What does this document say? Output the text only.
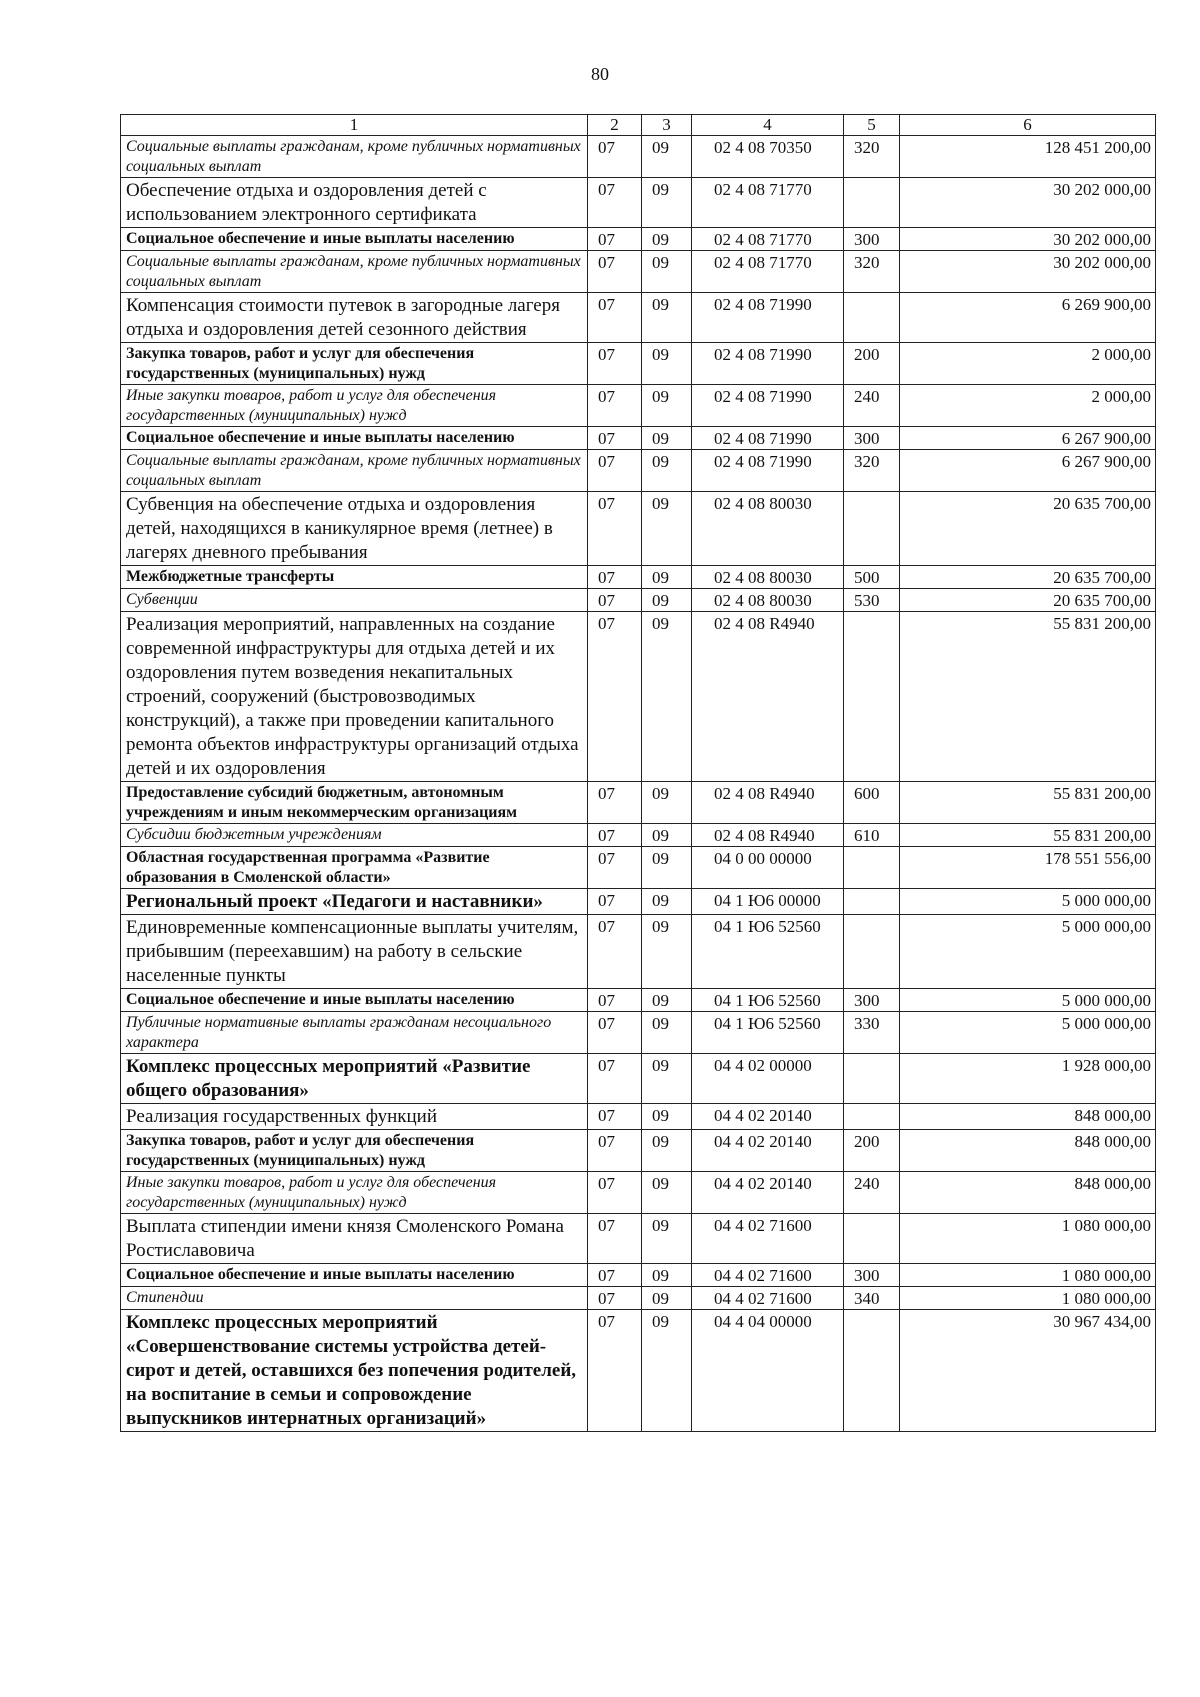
80
1	2	3	4	5	6
Социальные выплаты гражданам, кроме публичных нормативных социальных выплат	07	09	02 4 08 70350	320	128 451 200,00
Обеспечение отдыха и оздоровления детей с использованием электронного сертификата	07	09	02 4 08 71770		30 202 000,00
Социальное обеспечение и иные выплаты населению	07	09	02 4 08 71770	300	30 202 000,00
Социальные выплаты гражданам, кроме публичных нормативных социальных выплат	07	09	02 4 08 71770	320	30 202 000,00
Компенсация стоимости путевок в загородные лагеря отдыха и оздоровления детей сезонного действия	07	09	02 4 08 71990		6 269 900,00
Закупка товаров, работ и услуг для обеспечения государственных (муниципальных) нужд	07	09	02 4 08 71990	200	2 000,00
Иные закупки товаров, работ и услуг для обеспечения государственных (муниципальных) нужд	07	09	02 4 08 71990	240	2 000,00
Социальное обеспечение и иные выплаты населению	07	09	02 4 08 71990	300	6 267 900,00
Социальные выплаты гражданам, кроме публичных нормативных социальных выплат	07	09	02 4 08 71990	320	6 267 900,00
Субвенция на обеспечение отдыха и оздоровления детей, находящихся в каникулярное время (летнее) в лагерях дневного пребывания	07	09	02 4 08 80030		20 635 700,00
Межбюджетные трансферты	07	09	02 4 08 80030	500	20 635 700,00
Субвенции	07	09	02 4 08 80030	530	20 635 700,00
Реализация мероприятий, направленных на создание современной инфраструктуры для отдыха детей и их оздоровления путем возведения некапитальных строений, сооружений (быстровозводимых конструкций), а также при проведении капитального ремонта объектов инфраструктуры организаций отдыха детей и их оздоровления	07	09	02 4 08 R4940		55 831 200,00
Предоставление субсидий бюджетным, автономным учреждениям и иным некоммерческим организациям	07	09	02 4 08 R4940	600	55 831 200,00
Субсидии бюджетным учреждениям	07	09	02 4 08 R4940	610	55 831 200,00
Областная государственная программа «Развитие образования в Смоленской области»	07	09	04 0 00 00000		178 551 556,00
Региональный проект «Педагоги и наставники»	07	09	04 1 Ю6 00000		5 000 000,00
Единовременные компенсационные выплаты учителям, прибывшим (переехавшим) на работу в сельские населенные пункты	07	09	04 1 Ю6 52560		5 000 000,00
Социальное обеспечение и иные выплаты населению	07	09	04 1 Ю6 52560	300	5 000 000,00
Публичные нормативные выплаты гражданам несоциального характера	07	09	04 1 Ю6 52560	330	5 000 000,00
Комплекс процессных мероприятий «Развитие общего образования»	07	09	04 4 02 00000		1 928 000,00
Реализация государственных функций	07	09	04 4 02 20140		848 000,00
Закупка товаров, работ и услуг для обеспечения государственных (муниципальных) нужд	07	09	04 4 02 20140	200	848 000,00
Иные закупки товаров, работ и услуг для обеспечения государственных (муниципальных) нужд	07	09	04 4 02 20140	240	848 000,00
Выплата стипендии имени князя Смоленского Романа Ростиславовича	07	09	04 4 02 71600		1 080 000,00
Социальное обеспечение и иные выплаты населению	07	09	04 4 02 71600	300	1 080 000,00
Стипендии	07	09	04 4 02 71600	340	1 080 000,00
Комплекс процессных мероприятий «Совершенствование системы устройства детей-сирот и детей, оставшихся без попечения родителей, на воспитание в семьи и сопровождение выпускников интернатных организаций»	07	09	04 4 04 00000		30 967 434,00
